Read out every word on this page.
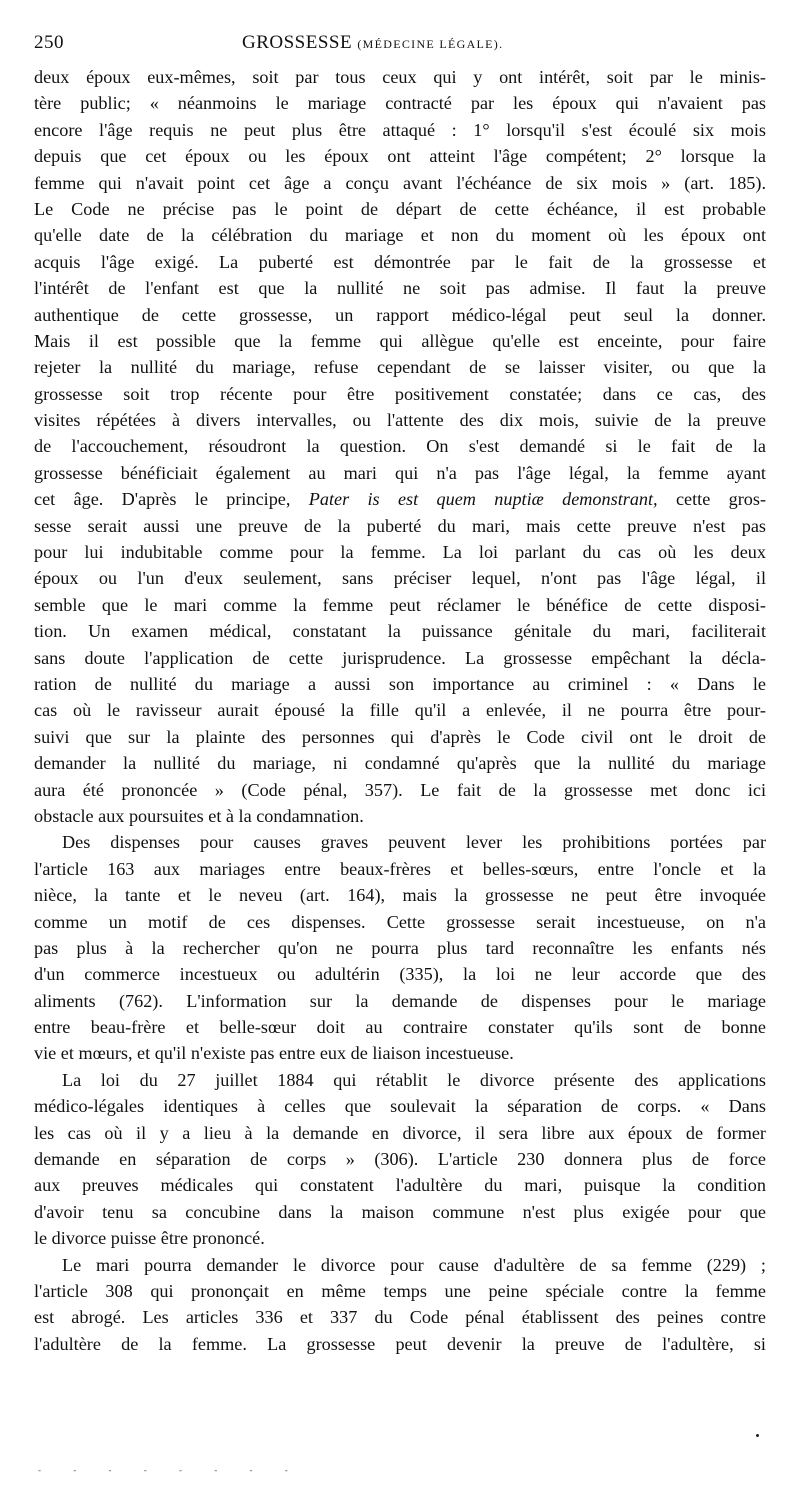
250	GROSSESSE (MÉDECINE LÉGALE).
deux époux eux-mêmes, soit par tous ceux qui y ont intérêt, soit par le minis-
tère public; « néanmoins le mariage contracté par les époux qui n'avaient pas
encore l'âge requis ne peut plus être attaqué : 1° lorsqu'il s'est écoulé six mois
depuis que cet époux ou les époux ont atteint l'âge compétent; 2° lorsque la
femme qui n'avait point cet âge a conçu avant l'échéance de six mois » (art. 185).
Le Code ne précise pas le point de départ de cette échéance, il est probable
qu'elle date de la célébration du mariage et non du moment où les époux ont
acquis l'âge exigé. La puberté est démontrée par le fait de la grossesse et
l'intérêt de l'enfant est que la nullité ne soit pas admise. Il faut la preuve
authentique de cette grossesse, un rapport médico-légal peut seul la donner.
Mais il est possible que la femme qui allègue qu'elle est enceinte, pour faire
rejeter la nullité du mariage, refuse cependant de se laisser visiter, ou que la
grossesse soit trop récente pour être positivement constatée; dans ce cas, des
visites répétées à divers intervalles, ou l'attente des dix mois, suivie de la preuve
de l'accouchement, résoudront la question. On s'est demandé si le fait de la
grossesse bénéficiait également au mari qui n'a pas l'âge légal, la femme ayant
cet âge. D'après le principe, Pater is est quem nuptiæ demonstrant, cette gros-
sesse serait aussi une preuve de la puberté du mari, mais cette preuve n'est pas
pour lui indubitable comme pour la femme. La loi parlant du cas où les deux
époux ou l'un d'eux seulement, sans préciser lequel, n'ont pas l'âge légal, il
semble que le mari comme la femme peut réclamer le bénéfice de cette disposi-
tion. Un examen médical, constatant la puissance génitale du mari, faciliterait
sans doute l'application de cette jurisprudence. La grossesse empêchant la décla-
ration de nullité du mariage a aussi son importance au criminel : « Dans le
cas où le ravisseur aurait épousé la fille qu'il a enlevée, il ne pourra être pour-
suivi que sur la plainte des personnes qui d'après le Code civil ont le droit de
demander la nullité du mariage, ni condamné qu'après que la nullité du mariage
aura été prononcée » (Code pénal, 357). Le fait de la grossesse met donc ici
obstacle aux poursuites et à la condamnation.
Des dispenses pour causes graves peuvent lever les prohibitions portées par
l'article 163 aux mariages entre beaux-frères et belles-sœurs, entre l'oncle et la
nièce, la tante et le neveu (art. 164), mais la grossesse ne peut être invoquée
comme un motif de ces dispenses. Cette grossesse serait incestueuse, on n'a
pas plus à la rechercher qu'on ne pourra plus tard reconnaître les enfants nés
d'un commerce incestueux ou adultérin (335), la loi ne leur accorde que des
aliments (762). L'information sur la demande de dispenses pour le mariage
entre beau-frère et belle-sœur doit au contraire constater qu'ils sont de bonne
vie et mœurs, et qu'il n'existe pas entre eux de liaison incestueuse.
La loi du 27 juillet 1884 qui rétablit le divorce présente des applications
médico-légales identiques à celles que soulevait la séparation de corps. « Dans
les cas où il y a lieu à la demande en divorce, il sera libre aux époux de former
demande en séparation de corps » (306). L'article 230 donnera plus de force
aux preuves médicales qui constatent l'adultère du mari, puisque la condition
d'avoir tenu sa concubine dans la maison commune n'est plus exigée pour que
le divorce puisse être prononcé.
Le mari pourra demander le divorce pour cause d'adultère de sa femme (229) ;
l'article 308 qui prononçait en même temps une peine spéciale contre la femme
est abrogé. Les articles 336 et 337 du Code pénal établissent des peines contre
l'adultère de la femme. La grossesse peut devenir la preuve de l'adultère, si
- - - - - - - -
